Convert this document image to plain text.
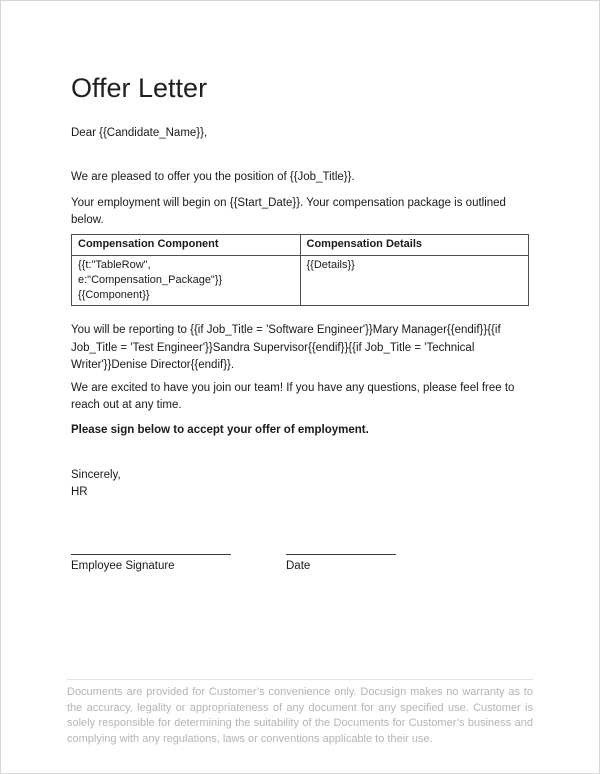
Offer Letter

Dear {{Candidate_Name}},

We are pleased to offer you the position of {{Job_Title}}.

Your employment will begin on {{Start_Date}}. Your compensation package is outlined below.

Compensation Component	Compensation Details
{{t:"TableRow", e:"Compensation_Package"}}{{Component}}	{{Details}}

You will be reporting to {{if Job_Title = 'Software Engineer'}}Mary Manager{{endif}}{{if Job_Title = 'Test Engineer'}}Sandra Supervisor{{endif}}{{if Job_Title = 'Technical Writer'}}Denise Director{{endif}}.

We are excited to have you join our team! If you have any questions, please feel free to reach out at any time.

Please sign below to accept your offer of employment.

Sincerely,
HR
Employee Signature	Date

Documents are provided for Customer’s convenience only. Docusign makes no warranty as to the accuracy, legality or appropriateness of any document for any specified use. Customer is solely responsible for determining the suitability of the Documents for Customer’s business and complying with any regulations, laws or conventions applicable to their use.
